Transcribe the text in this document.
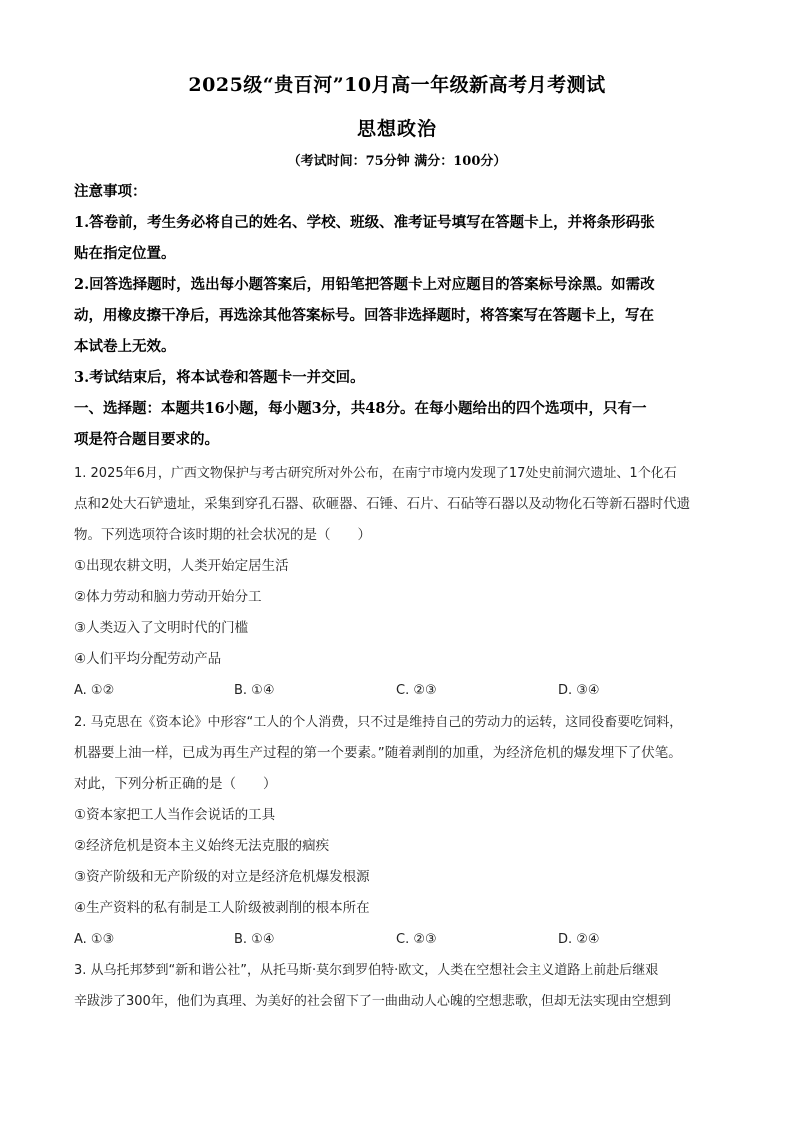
2025级“贵百河”10月高一年级新高考月考测试
思想政治
（考试时间：75分钟 满分：100分）
注意事项：
1.答卷前，考生务必将自己的姓名、学校、班级、准考证号填写在答题卡上，并将条形码张
贴在指定位置。
2.回答选择题时，选出每小题答案后，用铅笔把答题卡上对应题目的答案标号涂黑。如需改
动，用橡皮擦干净后，再选涂其他答案标号。回答非选择题时，将答案写在答题卡上，写在
本试卷上无效。
3.考试结束后，将本试卷和答题卡一并交回。
一、选择题：本题共16小题，每小题3分，共48分。在每小题给出的四个选项中，只有一
项是符合题目要求的。
1. 2025年6月，广西文物保护与考古研究所对外公布，在南宁市境内发现了17处史前洞穴遗址、1个化石
点和2处大石铲遗址，采集到穿孔石器、砍砸器、石锤、石片、石砧等石器以及动物化石等新石器时代遗
物。下列选项符合该时期的社会状况的是（　　）
①出现农耕文明，人类开始定居生活
②体力劳动和脑力劳动开始分工
③人类迈入了文明时代的门槛
④人们平均分配劳动产品
A. ①②	B. ①④	C. ②③	D. ③④
2. 马克思在《资本论》中形容“工人的个人消费，只不过是维持自己的劳动力的运转，这同役畜要吃饲料，
机器要上油一样，已成为再生产过程的第一个要素。”随着剥削的加重，为经济危机的爆发埋下了伏笔。
对此，下列分析正确的是（　　）
①资本家把工人当作会说话的工具
②经济危机是资本主义始终无法克服的痼疾
③资产阶级和无产阶级的对立是经济危机爆发根源
④生产资料的私有制是工人阶级被剥削的根本所在
A. ①③	B. ①④	C. ②③	D. ②④
3. 从乌托邦梦到“新和谐公社”，从托马斯·莫尔到罗伯特·欧文，人类在空想社会主义道路上前赴后继艰
辛跋涉了300年，他们为真理、为美好的社会留下了一曲曲动人心魄的空想悲歌，但却无法实现由空想到
